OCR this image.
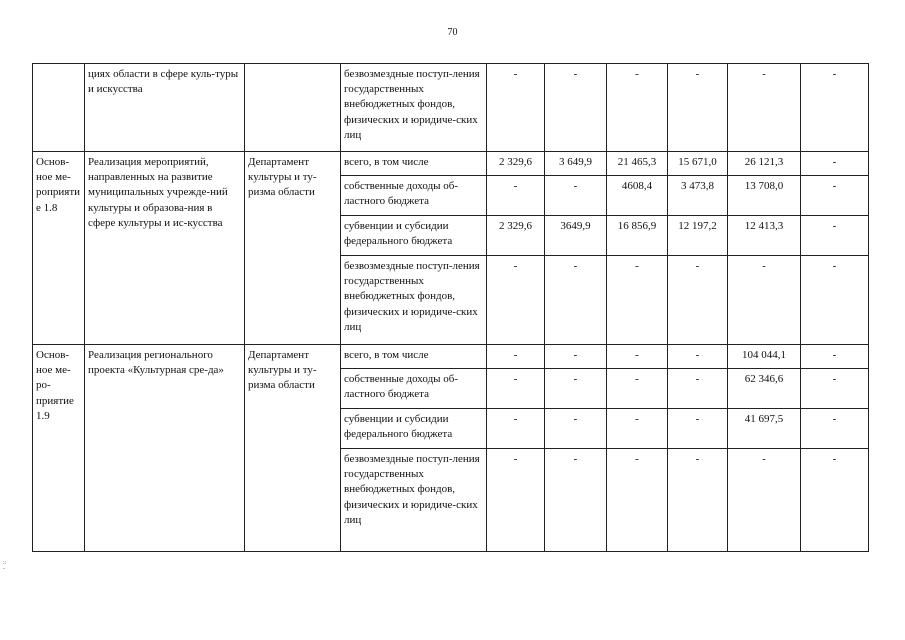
70
	циях области в сфере куль-туры и искусства		безвозмездные поступ-ления государственных внебюджетных фондов, физических и юридиче-ских лиц	-	-	-	-	-	-
Основ-ное ме-роприятие 1.8	Реализация мероприятий, направленных на развитие муниципальных учрежде-ний культуры и образова-ния в сфере культуры и ис-кусства	Департамент культуры и ту-ризма области	всего, в том числе	2 329,6	3 649,9	21 465,3	15 671,0	26 121,3	-
			собственные доходы об-ластного бюджета	-	-	4608,4	3 473,8	13 708,0	-
			субвенции и субсидии федерального бюджета	2 329,6	3649,9	16 856,9	12 197,2	12 413,3	-
			безвозмездные поступ-ления государственных внебюджетных фондов, физических и юридиче-ских лиц	-	-	-	-	-	-
Основ-ное ме-ро-приятие 1.9	Реализация регионального проекта «Культурная сре-да»	Департамент культуры и ту-ризма области	всего, в том числе	-	-	-	-	104 044,1	-
			собственные доходы об-ластного бюджета	-	-	-	-	62 346,6	-
			субвенции и субсидии федерального бюджета	-	-	-	-	41 697,5	-
			безвозмездные поступ-ления государственных внебюджетных фондов, физических и юридиче-ских лиц	-	-	-	-	-	-
::
-
